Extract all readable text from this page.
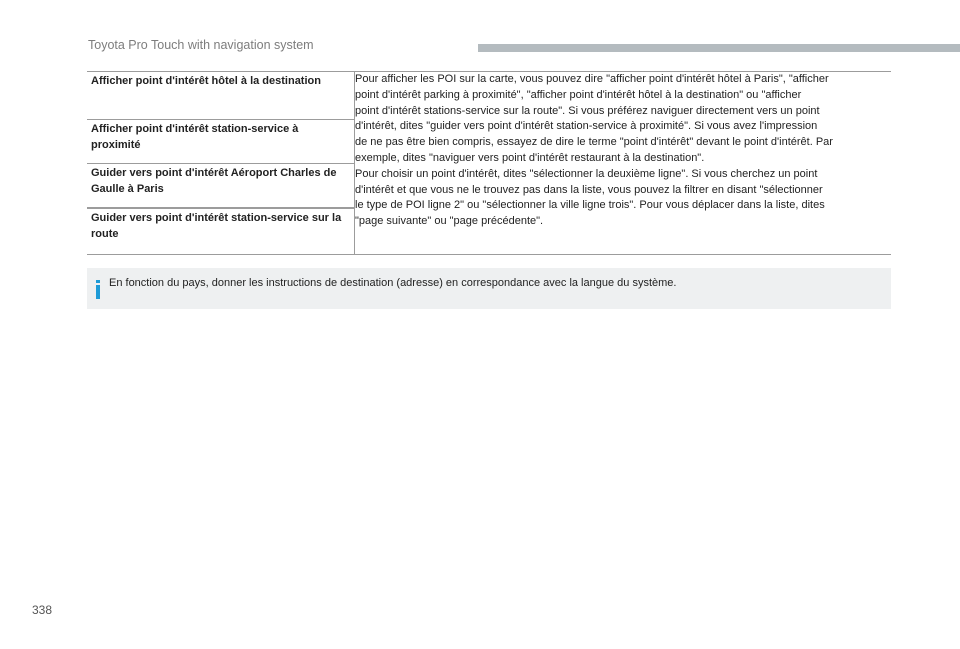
Toyota Pro Touch with navigation system
Afficher point d'intérêt hôtel à la destination
Afficher point d'intérêt station-service à proximité
Guider vers point d'intérêt Aéroport Charles de Gaulle à Paris
Guider vers point d'intérêt station-service sur la route

Pour afficher les POI sur la carte, vous pouvez dire "afficher point d'intérêt hôtel à Paris", "afficher
point d'intérêt parking à proximité", "afficher point d'intérêt hôtel à la destination" ou "afficher
point d'intérêt stations-service sur la route". Si vous préférez naviguer directement vers un point
d'intérêt, dites "guider vers point d'intérêt station-service à proximité". Si vous avez l'impression
de ne pas être bien compris, essayez de dire le terme "point d'intérêt" devant le point d'intérêt. Par
exemple, dites "naviguer vers point d'intérêt restaurant à la destination".
Pour choisir un point d'intérêt, dites "sélectionner la deuxième ligne". Si vous cherchez un point
d'intérêt et que vous ne le trouvez pas dans la liste, vous pouvez la filtrer en disant "sélectionner
le type de POI ligne 2" ou "sélectionner la ville ligne trois". Pour vous déplacer dans la liste, dites
"page suivante" ou "page précédente".
En fonction du pays, donner les instructions de destination (adresse) en correspondance avec la langue du système.
338
